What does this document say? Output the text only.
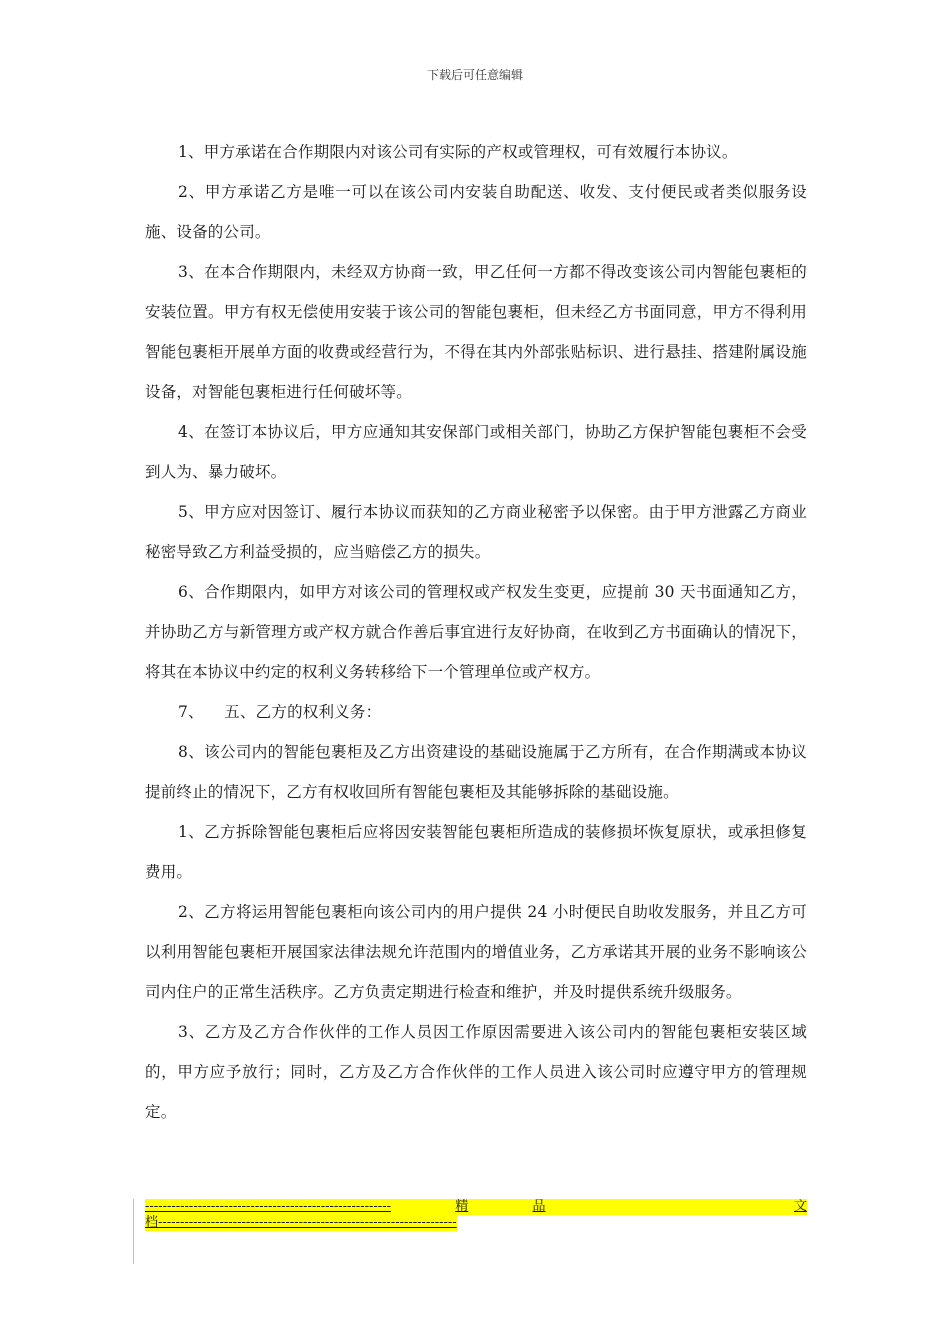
下载后可任意编辑

1、甲方承诺在合作期限内对该公司有实际的产权或管理权，可有效履行本协议。

2、甲方承诺乙方是唯一可以在该公司内安装自助配送、收发、支付便民或者类似服务设施、设备的公司。

3、在本合作期限内，未经双方协商一致，甲乙任何一方都不得改变该公司内智能包裹柜的安装位置。甲方有权无偿使用安装于该公司的智能包裹柜，但未经乙方书面同意，甲方不得利用智能包裹柜开展单方面的收费或经营行为，不得在其内外部张贴标识、进行悬挂、搭建附属设施设备，对智能包裹柜进行任何破坏等。

4、在签订本协议后，甲方应通知其安保部门或相关部门，协助乙方保护智能包裹柜不会受到人为、暴力破坏。

5、甲方应对因签订、履行本协议而获知的乙方商业秘密予以保密。由于甲方泄露乙方商业秘密导致乙方利益受损的，应当赔偿乙方的损失。

6、合作期限内，如甲方对该公司的管理权或产权发生变更，应提前 30 天书面通知乙方，并协助乙方与新管理方或产权方就合作善后事宜进行友好协商，在收到乙方书面确认的情况下，将其在本协议中约定的权利义务转移给下一个管理单位或产权方。

7、    五、乙方的权利义务：

8、该公司内的智能包裹柜及乙方出资建设的基础设施属于乙方所有，在合作期满或本协议提前终止的情况下，乙方有权收回所有智能包裹柜及其能够拆除的基础设施。

1、乙方拆除智能包裹柜后应将因安装智能包裹柜所造成的装修损坏恢复原状，或承担修复费用。

2、乙方将运用智能包裹柜向该公司内的用户提供 24 小时便民自助收发服务，并且乙方可以利用智能包裹柜开展国家法律法规允许范围内的增值业务，乙方承诺其开展的业务不影响该公司内住户的正常生活秩序。乙方负责定期进行检查和维护，并及时提供系统升级服务。

3、乙方及乙方合作伙伴的工作人员因工作原因需要进入该公司内的智能包裹柜安装区域的，甲方应予放行；同时，乙方及乙方合作伙伴的工作人员进入该公司时应遵守甲方的管理规定。

--------------------------------------------------------	精	品	文
档--------------------------------------------------------------------
